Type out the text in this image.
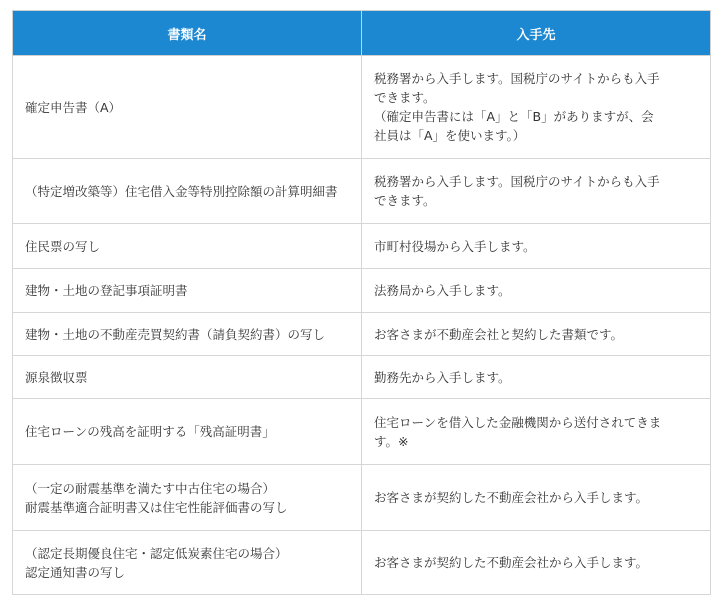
書類名	入手先

確定申告書（A）	税務署から入手します。国税庁のサイトからも入手
できます。
（確定申告書には「A」と「B」がありますが、会
社員は「A」を使います。）

（特定増改築等）住宅借入金等特別控除額の計算明細書	税務署から入手します。国税庁のサイトからも入手
できます。

住民票の写し	市町村役場から入手します。

建物・土地の登記事項証明書	法務局から入手します。

建物・土地の不動産売買契約書（請負契約書）の写し	お客さまが不動産会社と契約した書類です。

源泉徴収票	勤務先から入手します。

住宅ローンの残高を証明する「残高証明書」	住宅ローンを借入した金融機関から送付されてきま
す。※

（一定の耐震基準を満たす中古住宅の場合）
耐震基準適合証明書又は住宅性能評価書の写し	お客さまが契約した不動産会社から入手します。

（認定長期優良住宅・認定低炭素住宅の場合）
認定通知書の写し	お客さまが契約した不動産会社から入手します。
